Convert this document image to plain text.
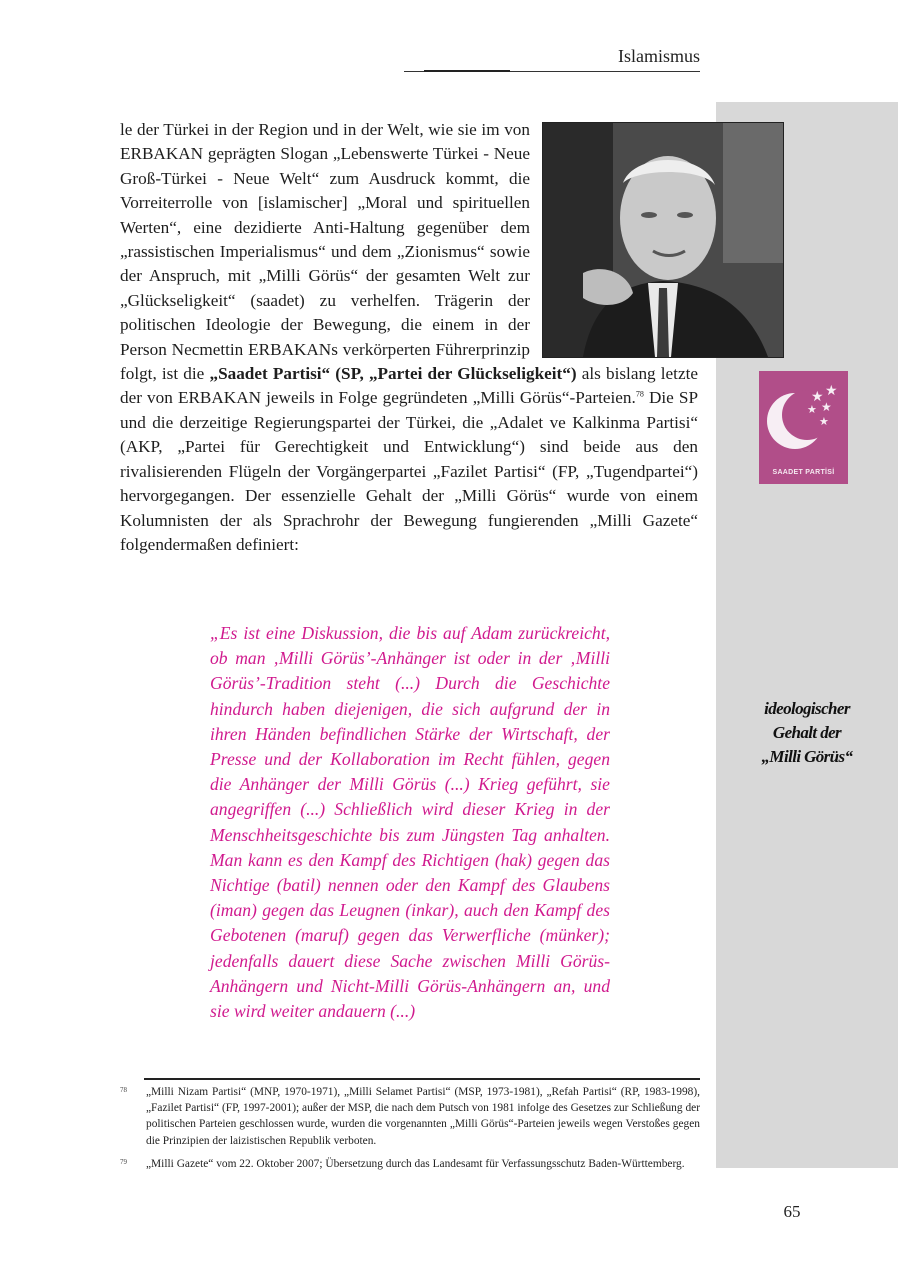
Islamismus
★ ★
★
★
★
SAADET PARTİSİ

le der Türkei in der Region und in der Welt, wie sie im von ERBAKAN geprägten Slogan „Lebenswerte Türkei - Neue Groß-Türkei - Neue Welt“ zum Ausdruck kommt, die Vorreiterrolle von [islamischer] „Moral und spirituellen Werten“, eine dezidierte Anti-Haltung gegenüber dem „rassistischen Imperialismus“ und dem „Zionismus“ sowie der Anspruch, mit „Milli Görüs“ der gesamten Welt zur „Glückseligkeit“ (saadet) zu verhelfen. Trägerin der politischen Ideologie der Bewegung, die einem in der Person Necmettin ERBAKANs verkörperten Führerprinzip folgt, ist die „Saadet Partisi“ (SP, „Partei der Glückseligkeit“) als bislang letzte der von ERBAKAN jeweils in Folge gegründeten „Milli Görüs“-Parteien.$^{78}$ Die SP und die derzeitige Regierungspartei der Türkei, die „Adalet ve Kalkinma Partisi“ (AKP, „Partei für Gerechtigkeit und Entwicklung“) sind beide aus den rivalisierenden Flügeln der Vorgängerpartei „Fazilet Partisi“ (FP, „Tugendpartei“) hervorgegangen. Der essenzielle Gehalt der „Milli Görüs“ wurde von einem Kolumnisten der als Sprachrohr der Bewegung fungierenden „Milli Gazete“ folgendermaßen definiert:

„Es ist eine Diskussion, die bis auf Adam zurückreicht, ob man ‚Milli Görüs’-Anhänger ist oder in der ‚Milli Görüs’-Tradition steht (...) Durch die Geschichte hindurch haben diejenigen, die sich aufgrund der in ihren Händen befindlichen Stärke der Wirtschaft, der Presse und der Kollaboration im Recht fühlen, gegen die Anhänger der Milli Görüs (...) Krieg geführt, sie angegriffen (...) Schließlich wird dieser Krieg in der Menschheitsgeschichte bis zum Jüngsten Tag anhalten. Man kann es den Kampf des Richtigen (hak) gegen das Nichtige (batil) nennen oder den Kampf des Glaubens (iman) gegen das Leugnen (inkar), auch den Kampf des Gebotenen (maruf) gegen das Verwerfliche (münker); jedenfalls dauert diese Sache zwischen Milli Görüs-Anhängern und Nicht-Milli Görüs-Anhängern an, und sie wird weiter andauern (...)

ideologischer
Gehalt der
„Milli Görüs“
78 „Milli Nizam Partisi“ (MNP, 1970-1971), „Milli Selamet Partisi“ (MSP, 1973-1981), „Refah Partisi“ (RP, 1983-1998), „Fazilet Partisi“ (FP, 1997-2001); außer der MSP, die nach dem Putsch von 1981 infolge des Gesetzes zur Schließung der politischen Parteien geschlossen wurde, wurden die vorgenannten „Milli Görüs“-Parteien jeweils wegen Verstoßes gegen die Prinzipien der laizistischen Republik verboten.

79 „Milli Gazete“ vom 22. Oktober 2007; Übersetzung durch das Landesamt für Verfassungsschutz Baden-Württemberg.

65
